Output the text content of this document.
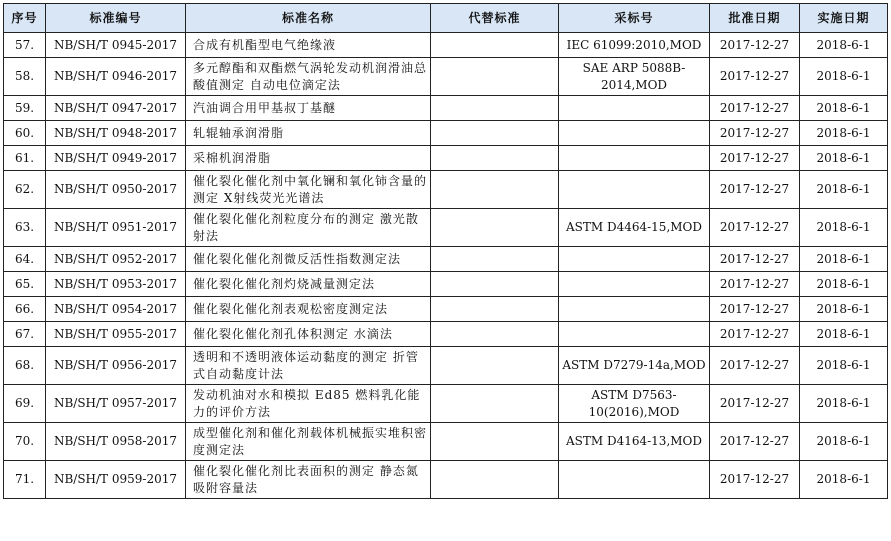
序号	标准编号	标准名称	代替标准	采标号	批准日期	实施日期
57.	NB/SH/T 0945-2017	合成有机酯型电气绝缘液		IEC 61099:2010,MOD	2017-12-27	2018-6-1
58.	NB/SH/T 0946-2017	多元醇酯和双酯燃气涡轮发动机润滑油总酸值测定 自动电位滴定法		SAE ARP 5088B-2014,MOD	2017-12-27	2018-6-1
59.	NB/SH/T 0947-2017	汽油调合用甲基叔丁基醚			2017-12-27	2018-6-1
60.	NB/SH/T 0948-2017	轧辊轴承润滑脂			2017-12-27	2018-6-1
61.	NB/SH/T 0949-2017	采棉机润滑脂			2017-12-27	2018-6-1
62.	NB/SH/T 0950-2017	催化裂化催化剂中氧化镧和氧化铈含量的测定 X射线荧光光谱法			2017-12-27	2018-6-1
63.	NB/SH/T 0951-2017	催化裂化催化剂粒度分布的测定 激光散射法		ASTM D4464-15,MOD	2017-12-27	2018-6-1
64.	NB/SH/T 0952-2017	催化裂化催化剂微反活性指数测定法			2017-12-27	2018-6-1
65.	NB/SH/T 0953-2017	催化裂化催化剂灼烧减量测定法			2017-12-27	2018-6-1
66.	NB/SH/T 0954-2017	催化裂化催化剂表观松密度测定法			2017-12-27	2018-6-1
67.	NB/SH/T 0955-2017	催化裂化催化剂孔体积测定 水滴法			2017-12-27	2018-6-1
68.	NB/SH/T 0956-2017	透明和不透明液体运动黏度的测定 折管式自动黏度计法		ASTM D7279-14a,MOD	2017-12-27	2018-6-1
69.	NB/SH/T 0957-2017	发动机油对水和模拟 Ed85 燃料乳化能力的评价方法		ASTM D7563-10(2016),MOD	2017-12-27	2018-6-1
70.	NB/SH/T 0958-2017	成型催化剂和催化剂载体机械振实堆积密度测定法		ASTM D4164-13,MOD	2017-12-27	2018-6-1
71.	NB/SH/T 0959-2017	催化裂化催化剂比表面积的测定 静态氮吸附容量法			2017-12-27	2018-6-1
